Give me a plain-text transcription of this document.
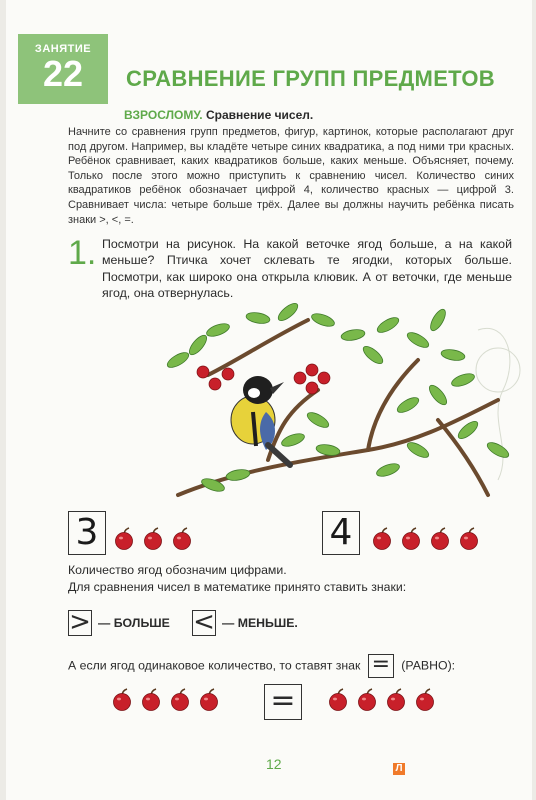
ЗАНЯТИЕ
22	СРАВНЕНИЕ ГРУПП ПРЕДМЕТОВ
ВЗРОСЛОМУ. Сравнение чисел.
Начните со сравнения групп предметов, фигур, картинок, которые располагают друг под другом. Например, вы кладёте четыре синих квадратика, а под ними три красных. Ребёнок сравнивает, каких квадратиков больше, каких меньше. Объясняет, почему. Только после этого можно приступить к сравнению чисел. Количество синих квадратиков ребёнок обозначает цифрой 4, количество красных — цифрой 3. Сравнивает числа: четыре больше трёх. Далее вы должны научить ребёнка писать знаки >, <, =.
1. Посмотри на рисунок. На какой веточке ягод больше, а на какой меньше? Птичка хочет склевать те ягодки, которых больше. Посмотри, как широко она открыла клювик. А от веточки, где меньше ягод, она отвернулась.
3	4
Количество ягод обозначим цифрами.
Для сравнения чисел в математике принято ставить знаки:
> — БОЛЬШЕ < — МЕНЬШЕ.
А если ягод одинаковое количество, то ставят знак = (РАВНО):
=
12	Л
